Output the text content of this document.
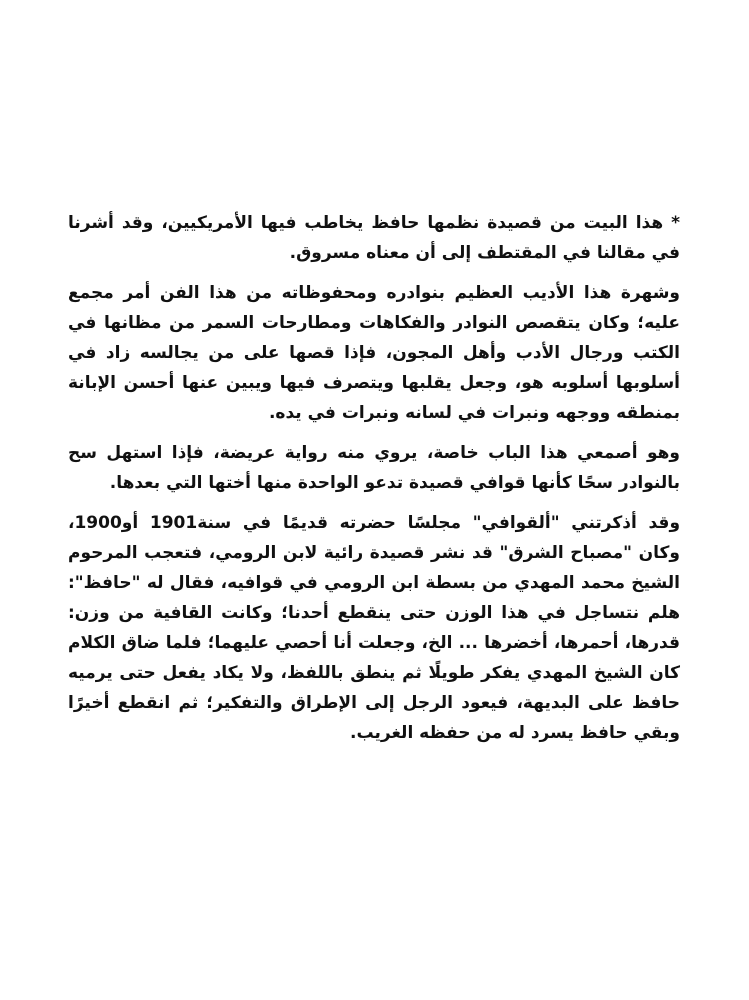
* هذا البيت من قصيدة نظمها حافظ يخاطب فيها الأمريكيين، وقد أشرنا في مقالنا في المقتطف إلى أن معناه مسروق.

وشهرة هذا الأديب العظيم بنوادره ومحفوظاته من هذا الفن أمر مجمع عليه؛ وكان يتقصص النوادر والفكاهات ومطارحات السمر من مظانها في الكتب ورجال الأدب وأهل المجون، فإذا قصها على من يجالسه زاد في أسلوبها أسلوبه هو، وجعل يقلبها ويتصرف فيها ويبين عنها أحسن الإبانة بمنطقه ووجهه ونبرات في لسانه ونبرات في يده.

وهو أصمعي هذا الباب خاصة، يروي منه رواية عريضة، فإذا استهل سح بالنوادر سحًا كأنها قوافي قصيدة تدعو الواحدة منها أختها التي بعدها.

وقد أذكرتني "ألقوافي" مجلسًا حضرته قديمًا في سنة1901 أو1900، وكان "مصباح الشرق" قد نشر قصيدة رائية لابن الرومي، فتعجب المرحوم الشيخ محمد المهدي من بسطة ابن الرومي في قوافيه، فقال له "حافظ": هلم نتساجل في هذا الوزن حتى ينقطع أحدنا؛ وكانت القافية من وزن: قدرها، أحمرها، أخضرها ... الخ، وجعلت أنا أحصي عليهما؛ فلما ضاق الكلام كان الشيخ المهدي يفكر طويلًا ثم ينطق باللفظ، ولا يكاد يفعل حتى يرميه حافظ على البديهة، فيعود الرجل إلى الإطراق والتفكير؛ ثم انقطع أخيرًا وبقي حافظ يسرد له من حفظه الغريب.
